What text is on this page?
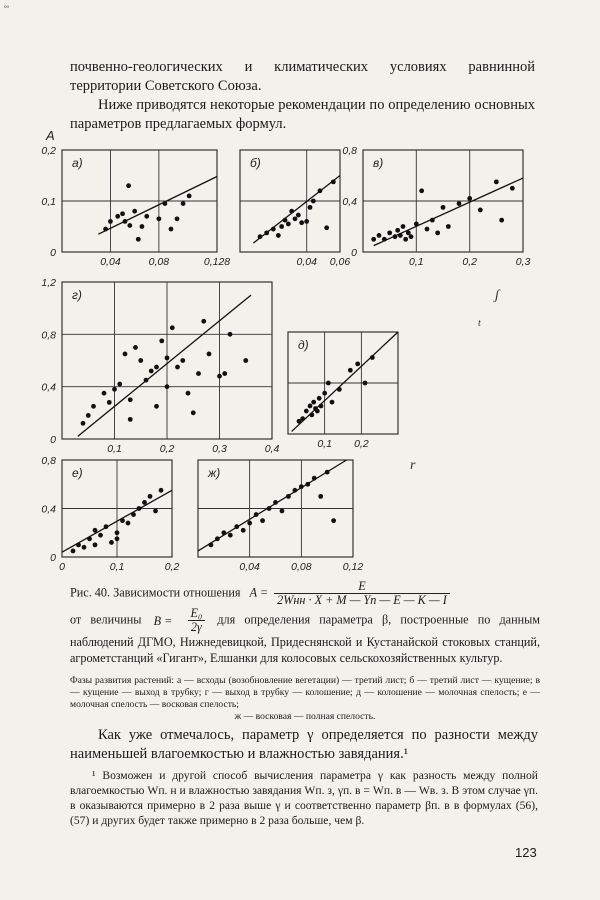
ºº
почвенно-геологических и климатических условиях равнинной территории Советского Союза.
Ниже приводятся некоторые рекомендации по определению основных параметров предлагаемых формул.
0,04	0,08	0,128
0
0,1
0,2
а)
0,04 0,06
б)
0,1	0,2	0,3
0
0,4
0,8
в)
0,1	0,2	0,3	0,4
0
0,4
0,8
1,2
г)
0,1 0,2
д)
0	0,1	0,2
0
0,4
0,8
е)
0,04	0,08	0,12
ж)
A
ʃ
t
r
Рис. 40. Зависимости отношения $A = \frac{E}{\text{2Wнн · X + M — Yп — E — K — I}}$

от величины $B = \frac{\text{E₀}}{2\gamma}$ для определения параметра β, построенные по данным наблюдений ДГМО, Нижнедевицкой, Придеснянской и Кустанайской стоковых станций, агрометстанций «Гигант», Елшанки для колосовых сельскохозяйственных культур.
Фазы развития растений: а — всходы (возобновление вегетации) — третий лист; б — третий лист — кущение; в — кущение — выход в трубку; г — выход в трубку — колошение; д — колошение — молочная спелость; е — молочная спелость — восковая спелость;
ж — восковая — полная спелость.
Как уже отмечалось, параметр γ определяется по разности между наименьшей влагоемкостью и влажностью завядания.¹
¹ Возможен и другой способ вычисления параметра γ как разность между полной влагоемкостью Wп. н и влажностью завядания Wп. з, γп. в = Wп. в — Wв. з. В этом случае γп. в оказываются примерно в 2 раза выше γ и соответственно параметр βп. в в формулах (56), (57) и других будет также примерно в 2 раза больше, чем β.
123
